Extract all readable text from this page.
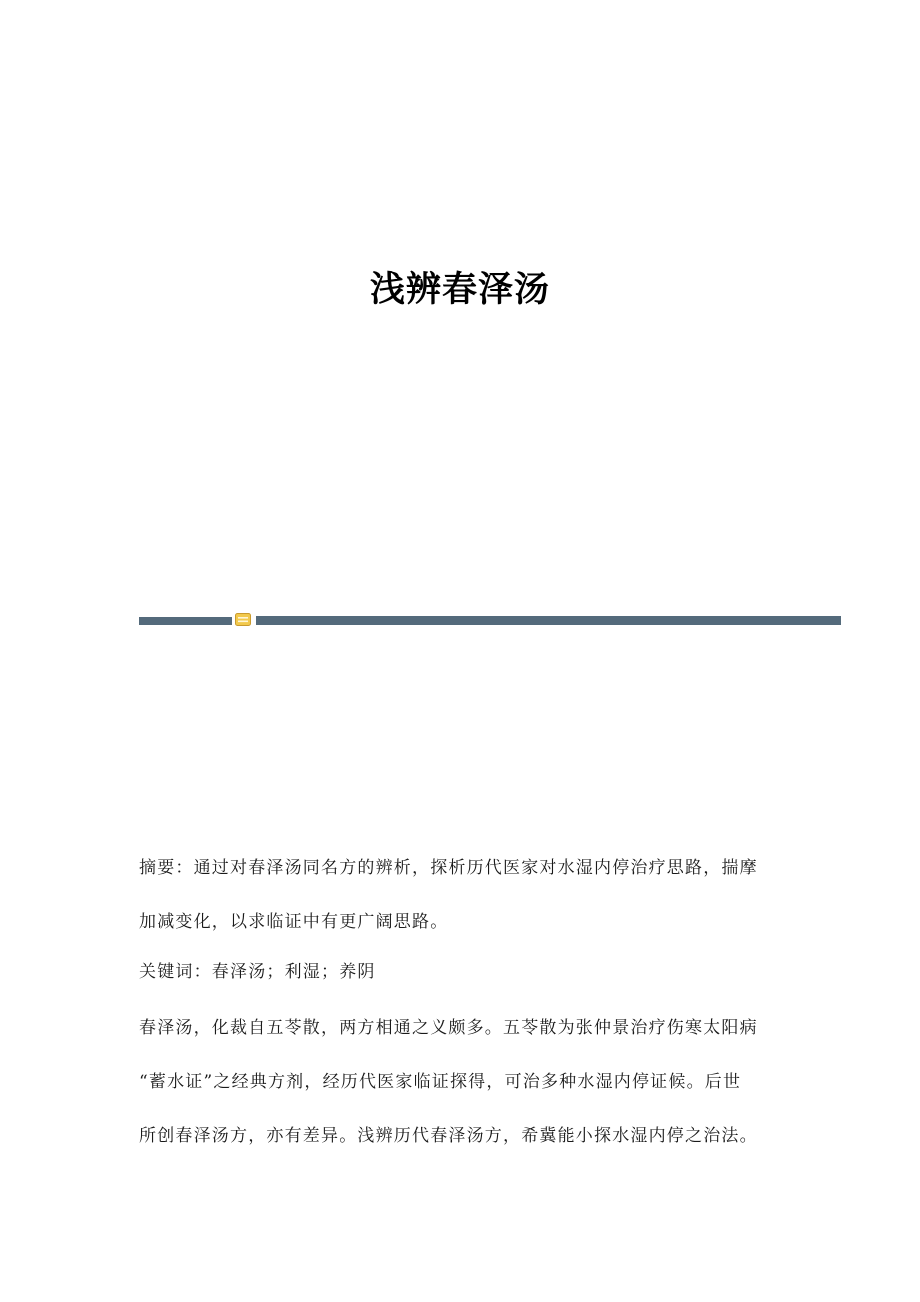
浅辨春泽汤

摘要：通过对春泽汤同名方的辨析，探析历代医家对水湿内停治疗思路，揣摩
加减变化，以求临证中有更广阔思路。

关键词：春泽汤；利湿；养阴

春泽汤，化裁自五苓散，两方相通之义颇多。五苓散为张仲景治疗伤寒太阳病
“蓄水证”之经典方剂，经历代医家临证探得，可治多种水湿内停证候。后世
所创春泽汤方，亦有差异。浅辨历代春泽汤方，希冀能小探水湿内停之治法。
